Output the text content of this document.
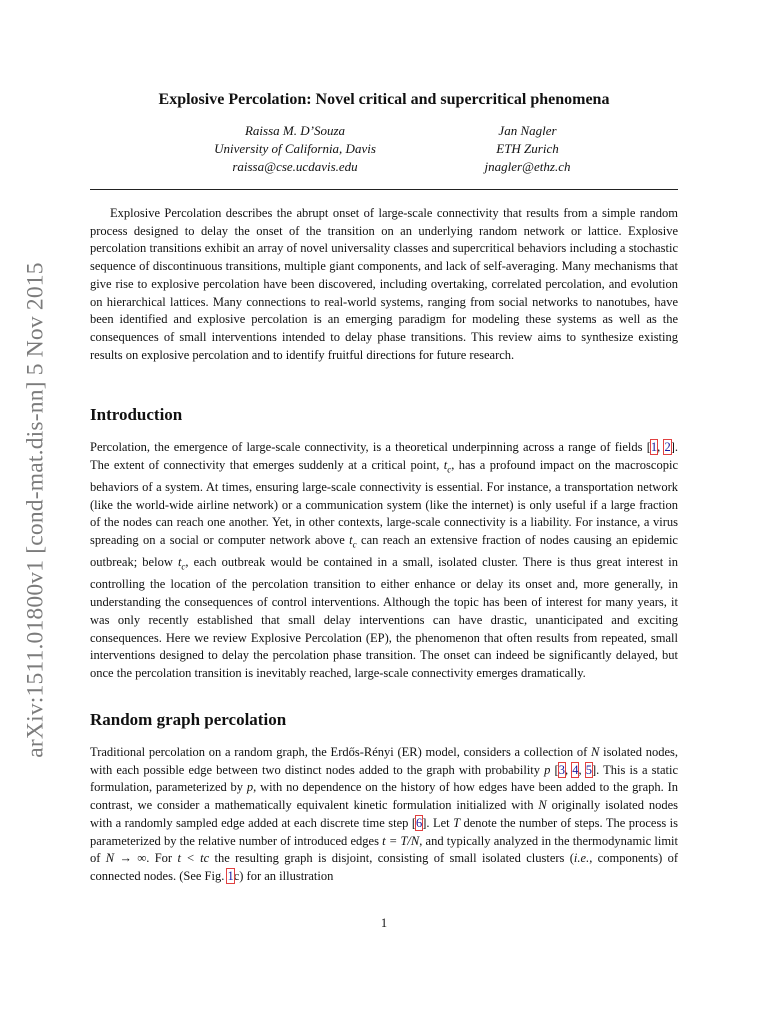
arXiv:1511.01800v1 [cond-mat.dis-nn] 5 Nov 2015
Explosive Percolation: Novel critical and supercritical phenomena
Raissa M. D’Souza
University of California, Davis
raissa@cse.ucdavis.edu
Jan Nagler
ETH Zurich
jnagler@ethz.ch

Explosive Percolation describes the abrupt onset of large-scale connectivity that results from a simple random process designed to delay the onset of the transition on an underlying random network or lattice. Explosive percolation transitions exhibit an array of novel universality classes and supercritical behaviors including a stochastic sequence of discontinuous transitions, multiple giant components, and lack of self-averaging. Many mechanisms that give rise to explosive percolation have been discovered, including overtaking, correlated percolation, and evolution on hierarchical lattices. Many connections to real-world systems, ranging from social networks to nanotubes, have been identified and explosive percolation is an emerging paradigm for modeling these systems as well as the consequences of small interventions intended to delay phase transitions. This review aims to synthesize existing results on explosive percolation and to identify fruitful directions for future research.

Introduction

Percolation, the emergence of large-scale connectivity, is a theoretical underpinning across a range of fields [1, 2]. The extent of connectivity that emerges suddenly at a critical point, $t_c$, has a profound impact on the macroscopic behaviors of a system. At times, ensuring large-scale connectivity is essential. For instance, a transportation network (like the world-wide airline network) or a communication system (like the internet) is only useful if a large fraction of the nodes can reach one another. Yet, in other contexts, large-scale connectivity is a liability. For instance, a virus spreading on a social or computer network above $t_c$ can reach an extensive fraction of nodes causing an epidemic outbreak; below $t_c$, each outbreak would be contained in a small, isolated cluster. There is thus great interest in controlling the location of the percolation transition to either enhance or delay its onset and, more generally, in understanding the consequences of control interventions. Although the topic has been of interest for many years, it was only recently established that small delay interventions can have drastic, unanticipated and exciting consequences. Here we review Explosive Percolation (EP), the phenomenon that often results from repeated, small interventions designed to delay the percolation phase transition. The onset can indeed be significantly delayed, but once the percolation transition is inevitably reached, large-scale connectivity emerges dramatically.

Random graph percolation

Traditional percolation on a random graph, the Erdős-Rényi (ER) model, considers a collection of N isolated nodes, with each possible edge between two distinct nodes added to the graph with probability p [3, 4, 5]. This is a static formulation, parameterized by p, with no dependence on the history of how edges have been added to the graph. In contrast, we consider a mathematically equivalent kinetic formulation initialized with N originally isolated nodes with a randomly sampled edge added at each discrete time step [6]. Let T denote the number of steps. The process is parameterized by the relative number of introduced edges t = T/N, and typically analyzed in the thermodynamic limit of N → ∞. For t < tc the resulting graph is disjoint, consisting of small isolated clusters (i.e., components) of connected nodes. (See Fig. 1c) for an illustration

1
